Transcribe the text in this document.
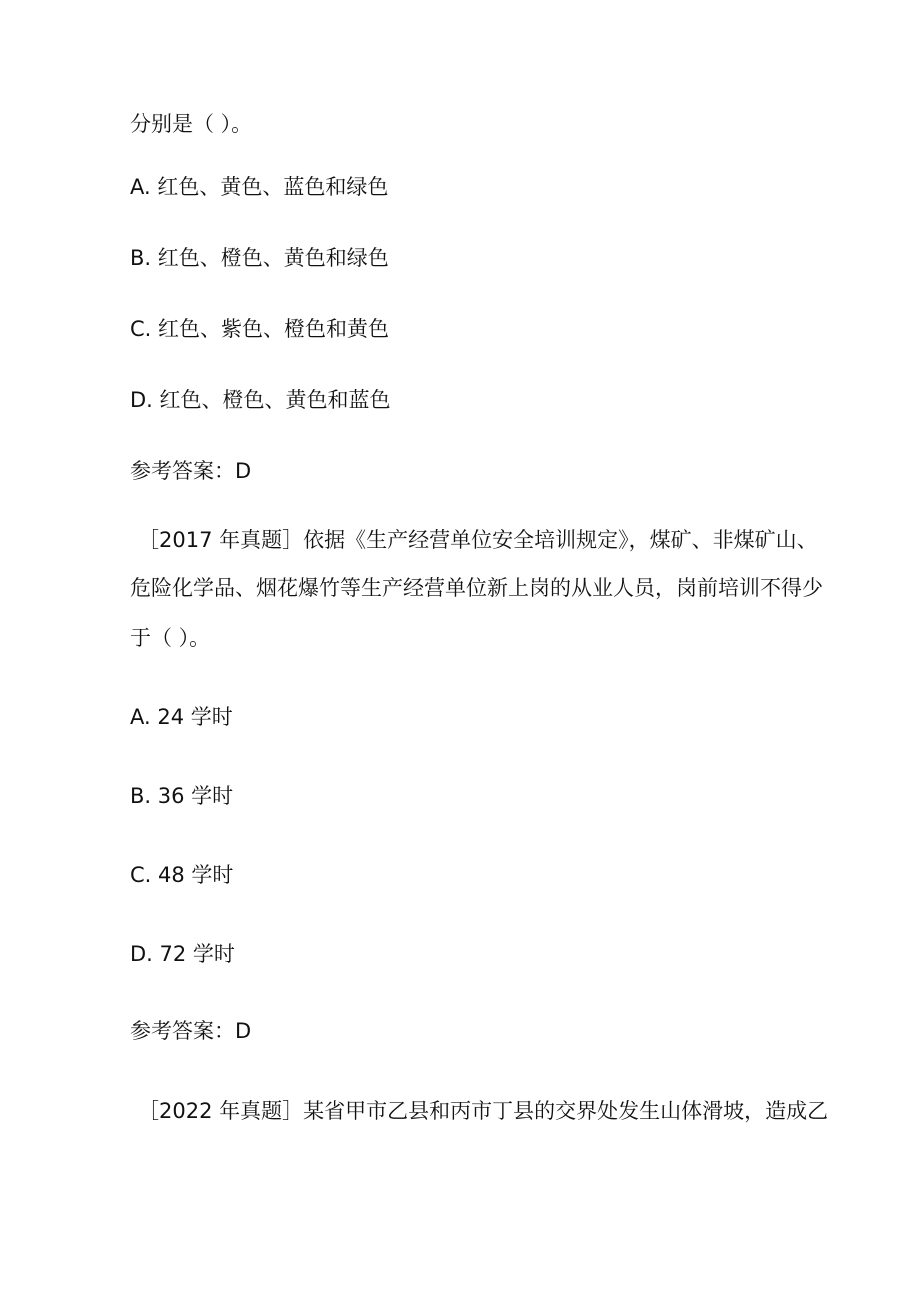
分别是（ ）。
A. 红色、黄色、蓝色和绿色
B. 红色、橙色、黄色和绿色
C. 红色、紫色、橙色和黄色
D. 红色、橙色、黄色和蓝色
参考答案：D
［2017 年真题］依据《生产经营单位安全培训规定》，煤矿、非煤矿山、
危险化学品、烟花爆竹等生产经营单位新上岗的从业人员，岗前培训不得少
于（ ）。
A. 24 学时
B. 36 学时
C. 48 学时
D. 72 学时
参考答案：D
［2022 年真题］某省甲市乙县和丙市丁县的交界处发生山体滑坡，造成乙
